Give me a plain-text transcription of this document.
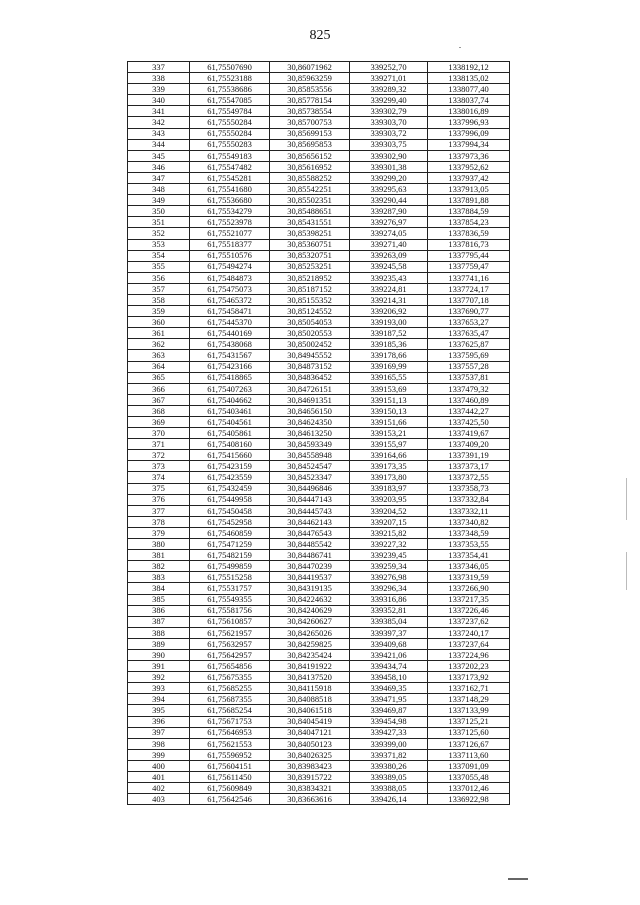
825
337	61,75507690	30,86071962	339252,70	1338192,12
338	61,75523188	30,85963259	339271,01	1338135,02
339	61,75538686	30,85853556	339289,32	1338077,40
340	61,75547085	30,85778154	339299,40	1338037,74
341	61,75549784	30,85738554	339302,79	1338016,89
342	61,75550284	30,85700753	339303,70	1337996,93
343	61,75550284	30,85699153	339303,72	1337996,09
344	61,75550283	30,85695853	339303,75	1337994,34
345	61,75549183	30,85656152	339302,90	1337973,36
346	61,75547482	30,85616952	339301,38	1337952,62
347	61,75545281	30,85588252	339299,20	1337937,42
348	61,75541680	30,85542251	339295,63	1337913,05
349	61,75536680	30,85502351	339290,44	1337891,88
350	61,75534279	30,85488651	339287,90	1337884,59
351	61,75523978	30,85431551	339276,97	1337854,23
352	61,75521077	30,85398251	339274,05	1337836,59
353	61,75518377	30,85360751	339271,40	1337816,73
354	61,75510576	30,85320751	339263,09	1337795,44
355	61,75494274	30,85253251	339245,58	1337759,47
356	61,75484873	30,85218952	339235,43	1337741,16
357	61,75475073	30,85187152	339224,81	1337724,17
358	61,75465372	30,85155352	339214,31	1337707,18
359	61,75458471	30,85124552	339206,92	1337690,77
360	61,75445370	30,85054053	339193,00	1337653,27
361	61,75440169	30,85020553	339187,52	1337635,47
362	61,75438068	30,85002452	339185,36	1337625,87
363	61,75431567	30,84945552	339178,66	1337595,69
364	61,75423166	30,84873152	339169,99	1337557,28
365	61,75418865	30,84836452	339165,55	1337537,81
366	61,75407263	30,84726151	339153,69	1337479,32
367	61,75404662	30,84691351	339151,13	1337460,89
368	61,75403461	30,84656150	339150,13	1337442,27
369	61,75404561	30,84624350	339151,66	1337425,50
370	61,75405861	30,84613250	339153,21	1337419,67
371	61,75408160	30,84593349	339155,97	1337409,20
372	61,75415660	30,84558948	339164,66	1337391,19
373	61,75423159	30,84524547	339173,35	1337373,17
374	61,75423559	30,84523347	339173,80	1337372,55
375	61,75432459	30,84496846	339183,97	1337358,73
376	61,75449958	30,84447143	339203,95	1337332,84
377	61,75450458	30,84445743	339204,52	1337332,11
378	61,75452958	30,84462143	339207,15	1337340,82
379	61,75460859	30,84476543	339215,82	1337348,59
380	61,75471259	30,84485542	339227,32	1337353,55
381	61,75482159	30,84486741	339239,45	1337354,41
382	61,75499859	30,84470239	339259,34	1337346,05
383	61,75515258	30,84419537	339276,98	1337319,59
384	61,75531757	30,84319135	339296,34	1337266,90
385	61,75549355	30,84224632	339316,86	1337217,35
386	61,75581756	30,84240629	339352,81	1337226,46
387	61,75610857	30,84260627	339385,04	1337237,62
388	61,75621957	30,84265026	339397,37	1337240,17
389	61,75632957	30,84259825	339409,68	1337237,64
390	61,75642957	30,84235424	339421,06	1337224,96
391	61,75654856	30,84191922	339434,74	1337202,23
392	61,75675355	30,84137520	339458,10	1337173,92
393	61,75685255	30,84115918	339469,35	1337162,71
394	61,75687355	30,84088518	339471,95	1337148,29
395	61,75685254	30,84061518	339469,87	1337133,99
396	61,75671753	30,84045419	339454,98	1337125,21
397	61,75646953	30,84047121	339427,33	1337125,60
398	61,75621553	30,84050123	339399,00	1337126,67
399	61,75596952	30,84026325	339371,82	1337113,60
400	61,75604151	30,83983423	339380,26	1337091,09
401	61,75611450	30,83915722	339389,05	1337055,48
402	61,75609849	30,83834321	339388,05	1337012,46
403	61,75642546	30,83663616	339426,14	1336922,98
